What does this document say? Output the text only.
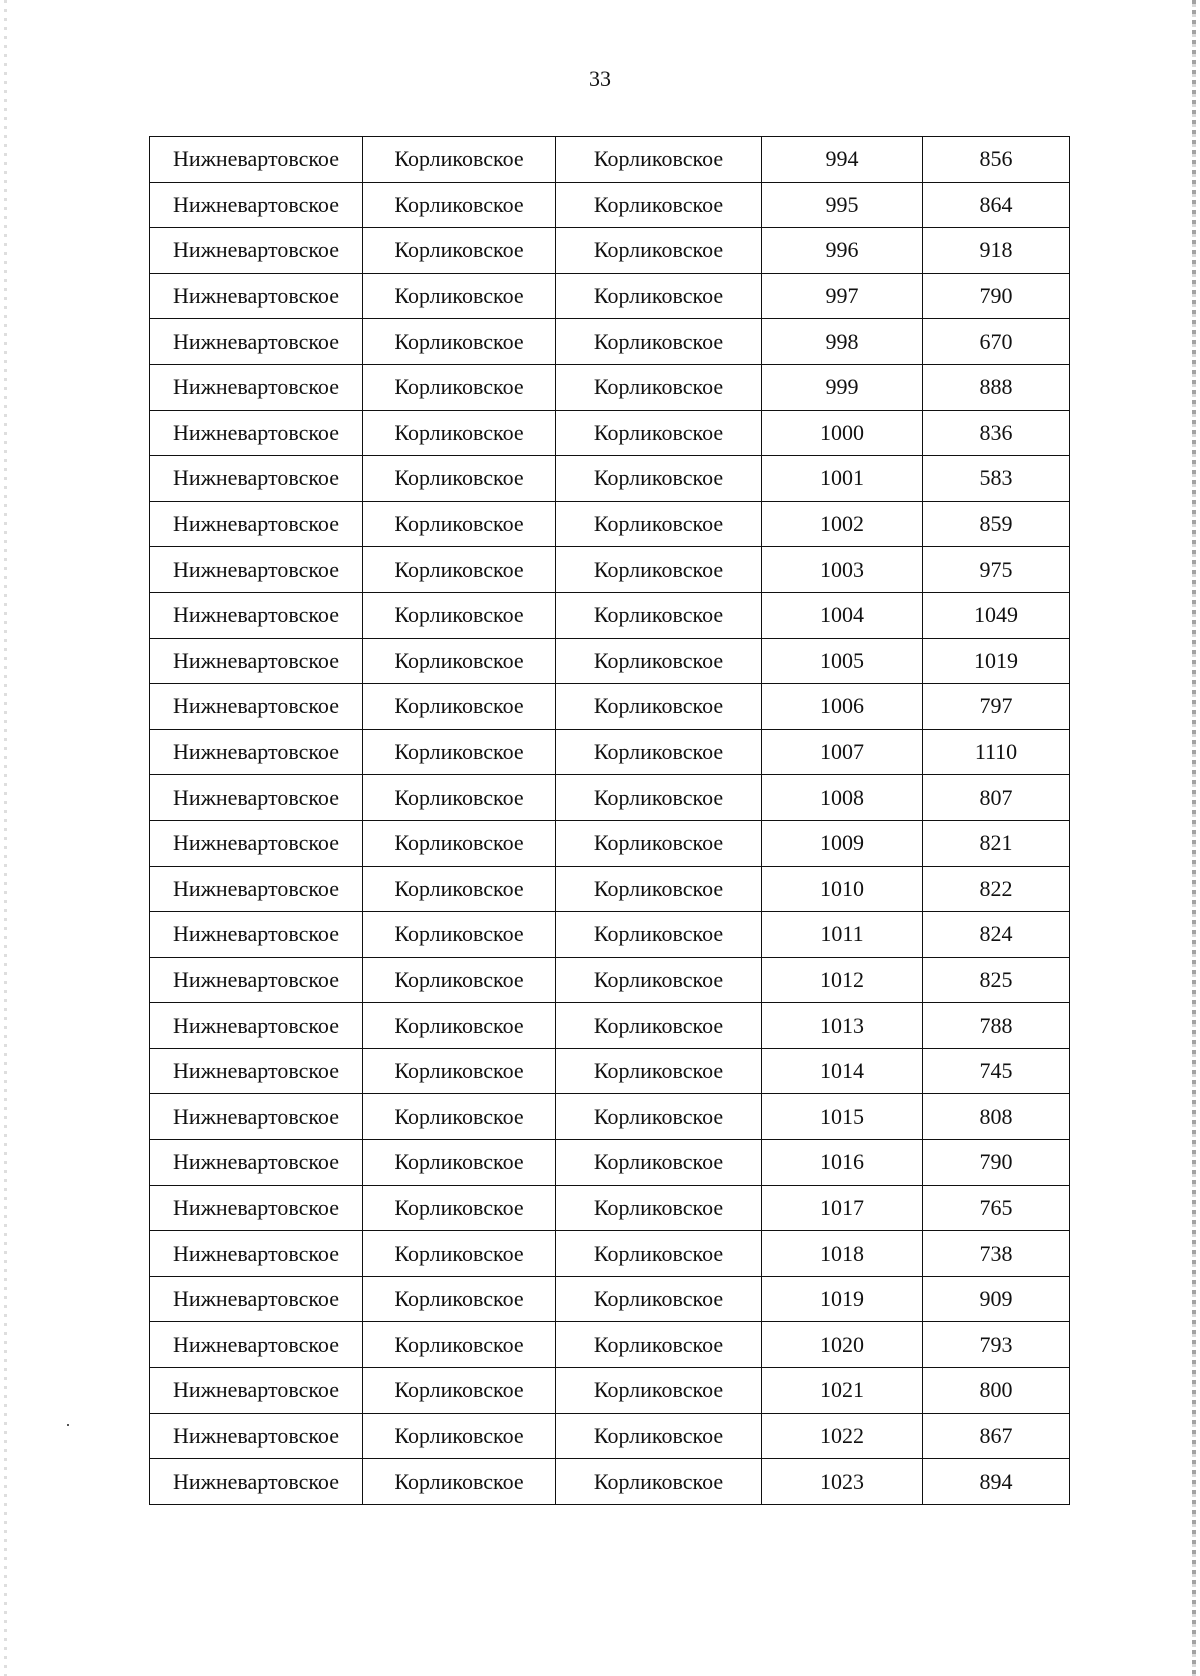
33
Нижневартовское	Корликовское	Корликовское	994	856
Нижневартовское	Корликовское	Корликовское	995	864
Нижневартовское	Корликовское	Корликовское	996	918
Нижневартовское	Корликовское	Корликовское	997	790
Нижневартовское	Корликовское	Корликовское	998	670
Нижневартовское	Корликовское	Корликовское	999	888
Нижневартовское	Корликовское	Корликовское	1000	836
Нижневартовское	Корликовское	Корликовское	1001	583
Нижневартовское	Корликовское	Корликовское	1002	859
Нижневартовское	Корликовское	Корликовское	1003	975
Нижневартовское	Корликовское	Корликовское	1004	1049
Нижневартовское	Корликовское	Корликовское	1005	1019
Нижневартовское	Корликовское	Корликовское	1006	797
Нижневартовское	Корликовское	Корликовское	1007	1110
Нижневартовское	Корликовское	Корликовское	1008	807
Нижневартовское	Корликовское	Корликовское	1009	821
Нижневартовское	Корликовское	Корликовское	1010	822
Нижневартовское	Корликовское	Корликовское	1011	824
Нижневартовское	Корликовское	Корликовское	1012	825
Нижневартовское	Корликовское	Корликовское	1013	788
Нижневартовское	Корликовское	Корликовское	1014	745
Нижневартовское	Корликовское	Корликовское	1015	808
Нижневартовское	Корликовское	Корликовское	1016	790
Нижневартовское	Корликовское	Корликовское	1017	765
Нижневартовское	Корликовское	Корликовское	1018	738
Нижневартовское	Корликовское	Корликовское	1019	909
Нижневартовское	Корликовское	Корликовское	1020	793
Нижневартовское	Корликовское	Корликовское	1021	800
Нижневартовское	Корликовское	Корликовское	1022	867
Нижневартовское	Корликовское	Корликовское	1023	894
